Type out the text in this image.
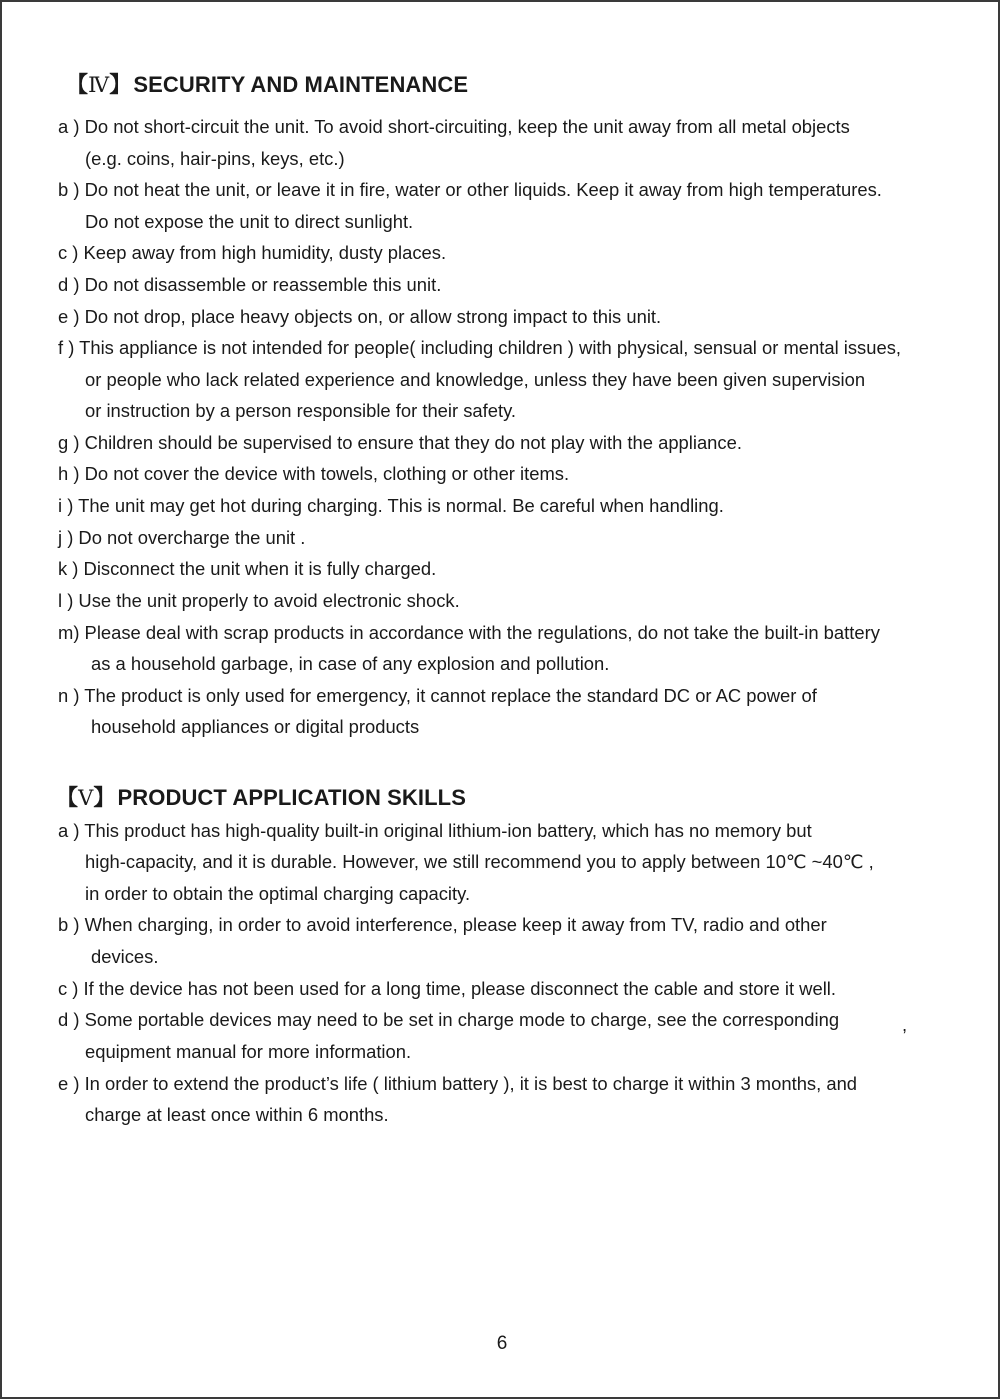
【Ⅳ】SECURITY AND MAINTENANCE
a ) Do not short-circuit the unit. To avoid short-circuiting, keep the unit away from all metal objects
(e.g. coins, hair-pins, keys, etc.)
b ) Do not heat the unit, or leave it in fire, water or other liquids. Keep it away from high temperatures.
Do not expose the unit to direct sunlight.
c ) Keep away from high humidity, dusty places.
d ) Do not disassemble or reassemble this unit.
e ) Do not drop, place heavy objects on, or allow strong impact to this unit.
f ) This appliance is not intended for people( including children ) with physical, sensual or mental issues,
or people who lack related experience and knowledge, unless they have been given supervision
or instruction by a person responsible for their safety.
g ) Children should be supervised to ensure that they do not play with the appliance.
h ) Do not cover the device with towels, clothing or other items.
i ) The unit may get hot during charging. This is normal. Be careful when handling.
j ) Do not overcharge the unit .
k ) Disconnect the unit when it is fully charged.
l ) Use the unit properly to avoid electronic shock.
m) Please deal with scrap products in accordance with the regulations, do not take the built-in battery
as a household garbage, in case of any explosion and pollution.
n ) The product is only used for emergency, it cannot replace the standard DC or AC power of
household appliances or digital products
【Ⅴ】PRODUCT APPLICATION SKILLS
a ) This product has high-quality built-in original lithium-ion battery, which has no memory but
high-capacity, and it is durable. However, we still recommend you to apply between 10℃ ~40℃ ,
in order to obtain the optimal charging capacity.
b ) When charging, in order to avoid interference, please keep it away from TV, radio and other
devices.
c ) If the device has not been used for a long time, please disconnect the cable and store it well.
d ) Some portable devices may need to be set in charge mode to charge, see the corresponding	,
equipment manual for more information.
e ) In order to extend the product’s life ( lithium battery ), it is best to charge it within 3 months, and
charge at least once within 6 months.
6
